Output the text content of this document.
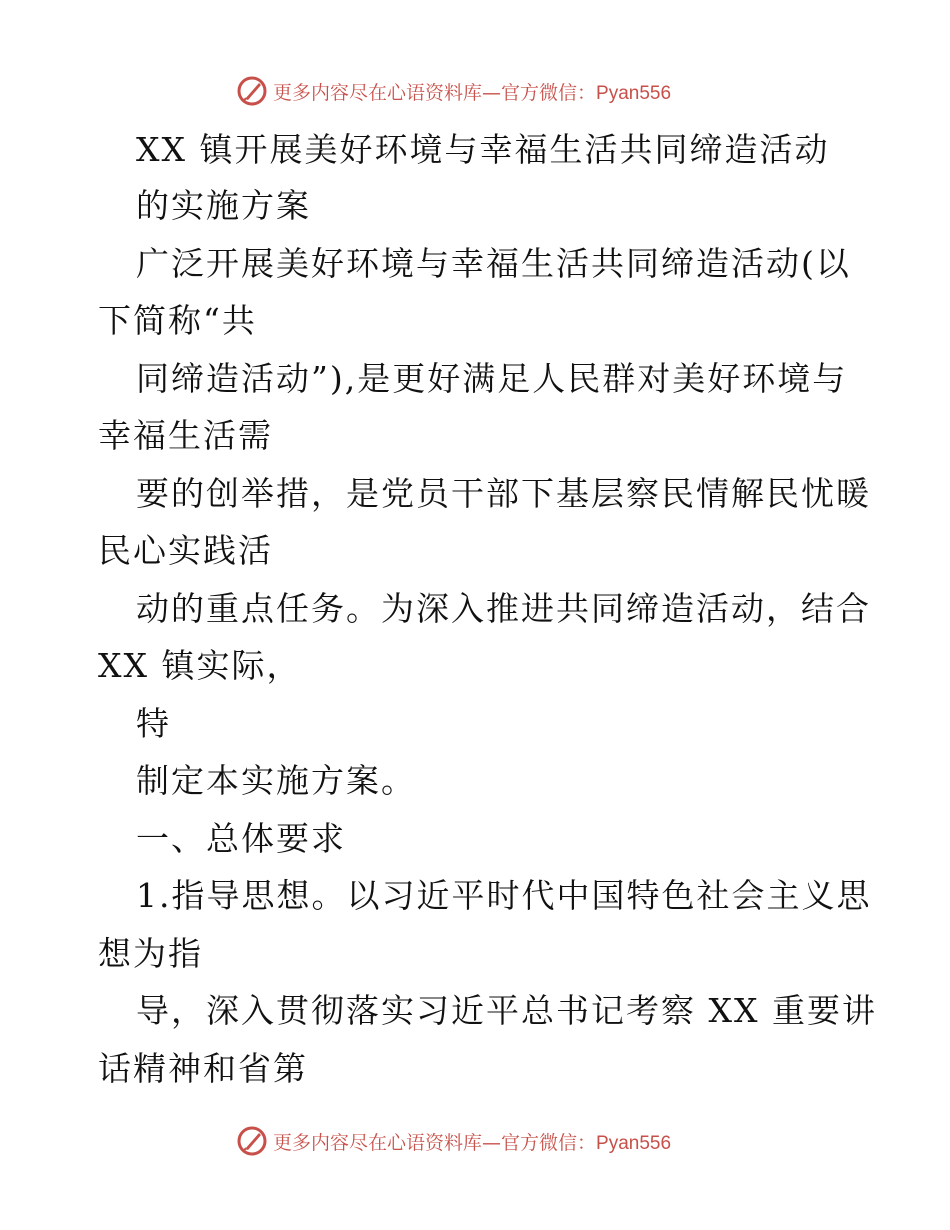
更多内容尽在心语资料库—官方微信：Pyan556
XX 镇开展美好环境与幸福生活共同缔造活动
的实施方案
广泛开展美好环境与幸福生活共同缔造活动(以
下简称“共
同缔造活动”),是更好满足人民群对美好环境与
幸福生活需
要的创举措，是党员干部下基层察民情解民忧暖
民心实践活
动的重点任务。为深入推进共同缔造活动，结合
XX 镇实际，
特
制定本实施方案。
一、总体要求
1.指导思想。以习近平时代中国特色社会主义思
想为指
导，深入贯彻落实习近平总书记考察 XX 重要讲
话精神和省第
更多内容尽在心语资料库—官方微信：Pyan556
